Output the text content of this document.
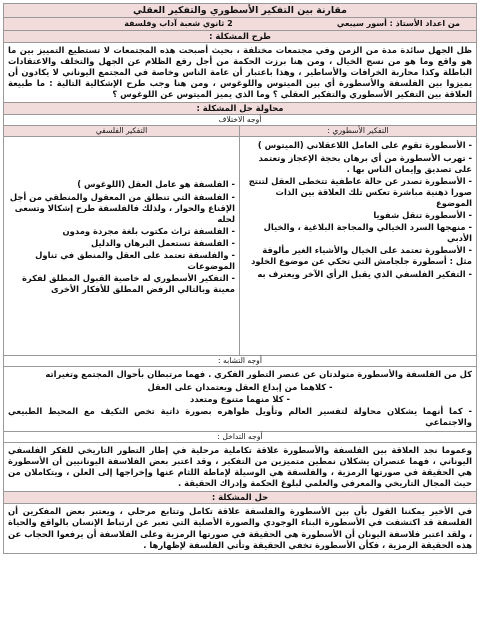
مقارنة بين التفكير الأسطوري والتفكير العقلي
من اعداد الأستاذ : أسور سيبعي
2 ثانوي شعبة آداب وفلسفة
طرح المشكلة :
ظل الجهل سائدة مدة من الزمن وفي مجتمعات مختلفة ، بحيث أصبحت هذه المجتمعات لا تستطيع التمييز بين ما هو واقع وما هو من نسج الخيال ، ومن هنا برزت الحكمة من أجل رفع الظلام عن الجهل والتخلف والاعتقادات الباطلة وكذا محاربة الخرافات والأساطير ، وهذا باعتبار أن عامة الناس وخاصة في المجتمع اليوناني لا يكادون أن يميزوا بين الفلسفة والأسطورة أي بين الميتوس واللوغوس ، ومن هنا وجب طرح الإشكالية التالية : ما طبيعة العلاقة بين التفكير الأسطوري والتفكير العقلي ؟ وما الذي يميز الميتوس عن اللوغوس ؟
محاولة حل المشكلة :
أوجه الاختلاف
التفكير الأسطوري :
- الأسطورة تقوم على العامل اللاعقلاني (الميتوس )
- تهرب الأسطورة من أي برهان بحجة الإعجاز وتعتمد على تصديق وإيمان الناس بها .
- الأسطورة تصدر عن حالة عاطفية تتخطى العقل لتنتج صورا ذهنية مباشرة تعكس تلك العلاقة بين الذات الموضوع
- الأسطورة تنقل شفويا
- منهجها السرد الخيالي والمجاجة البلاغية ، والخيال الأدبي
- الأسطورة تعتمد على الخيال والأشياء الغير مألوفة مثل : أسطورة جلجامش التي تحكي عن موضوع الخلود
- التفكير الفلسفي الذي يقبل الرأي الآخر ويعترف به
التفكير الفلسفي
- الفلسفة هو عامل العقل (اللوغوس )
- الفلسفة التي تنطلق من المعقول والمنطقي من أجل الإقناع والحوار ، ولذلك فالفلسفة طرح إشكالا وتسعى لحله
- الفلسفة تراث مكتوب بلغة مجردة ومدون
- الفلسفة تستعمل البرهان والدليل
- والفلسفة تعتمد على العقل والمنطق في تناول الموضوعات
- التفكير الأسطوري له خاصية القبول المطلق لفكرة معينة وبالتالي الرفض المطلق للأفكار الأخرى
أوجه التشابه :
كل من الفلسفة والأسطورة متولدتان عن عنصر التطور الفكري . فهما مرتبطان بأحوال المجتمع وتغيراته
- كلاهما من إبداع العقل ويعتمدان على العقل
- كلا منهما متنوع ومتعدد
- كما أنهما يشكلان محاولة لتفسير العالم وتأويل ظواهره بصورة ذاتية تخص التكيف مع المحيط الطبيعي والاجتماعي
أوجه التداخل :
وعموما نجد العلاقة بين الفلسفة والأسطورة علاقة تكاملية مرحلية في إطار التطور التاريخي للفكر الفلسفي اليوناني ، فهما عنصران يشكلان نمطين متميزين من التفكير ، وقد اعتبر بعض الفلاسفة اليونانيين أن الأسطورة هي الحقيقة في صورتها الرمزية ، والفلسفة هي الوسيلة لإماطة اللثام عنها وإخراجها إلى العلن ، ويتكاملان من حيث المجال التاريخي والمعرفي والعلمي لبلوغ الحكمة وإدراك الحقيقة .
حل المشكلة :
في الأخير يمكننا القول بأن بين الأسطورة والفلسفة علاقة تكامل وتتابع مرحلي ، ويعتبر بعض المفكرين أن الفلسفة قد اكتشفت في الأسطورة البناء الوجودي والصورة الأصلية التي تعبر عن ارتباط الإنسان بالواقع والحياة ، ولقد اعتبر فلاسفة اليونان أن الأسطورة هي الحقيقة في صورتها الرمزية وعلى الفلاسفة أن يرفعوا الحجاب عن هذه الحقيقة الرمزية ، فكأن الأسطورة تخفي الحقيقة وتأتي الفلسفة لإظهارها .
